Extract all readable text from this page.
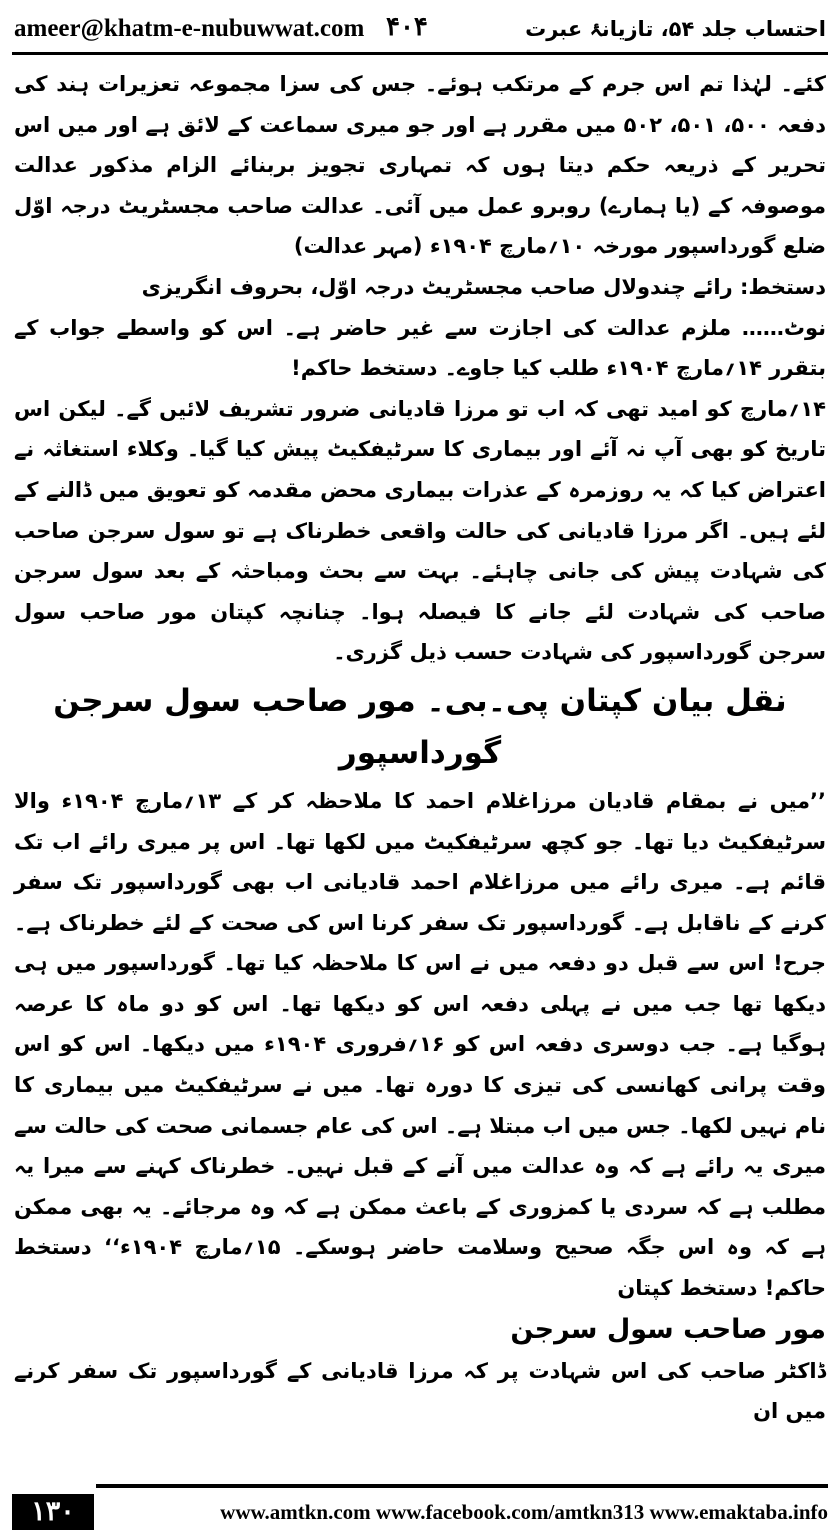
ameer@khatm-e-nubuwwat.com ۴۰۴	احتساب جلد ۵۴، تازیانۂ عبرت

کئے۔ لہٰذا تم اس جرم کے مرتکب ہوئے۔ جس کی سزا مجموعہ تعزیرات ہند کی دفعہ ۵۰۰، ۵۰۱، ۵۰۲ میں مقرر ہے اور جو میری سماعت کے لائق ہے اور میں اس تحریر کے ذریعہ حکم دیتا ہوں کہ تمہاری تجویز بربنائے الزام مذکور عدالت موصوفہ کے (یا ہمارے) روبرو عمل میں آئی۔ عدالت صاحب مجسٹریٹ درجہ اوّل ضلع گورداسپور مورخہ ۱۰؍مارچ ۱۹۰۴ء (مہر عدالت)

دستخط: رائے چندولال صاحب مجسٹریٹ درجہ اوّل، بحروف انگریزی

نوٹ…… ملزم عدالت کی اجازت سے غیر حاضر ہے۔ اس کو واسطے جواب کے بتقرر ۱۴؍مارچ ۱۹۰۴ء طلب کیا جاوے۔ دستخط حاکم!

۱۴؍مارچ کو امید تھی کہ اب تو مرزا قادیانی ضرور تشریف لائیں گے۔ لیکن اس تاریخ کو بھی آپ نہ آئے اور بیماری کا سرٹیفکیٹ پیش کیا گیا۔ وکلاء استغاثہ نے اعتراض کیا کہ یہ روزمرہ کے عذرات بیماری محض مقدمہ کو تعویق میں ڈالنے کے لئے ہیں۔ اگر مرزا قادیانی کی حالت واقعی خطرناک ہے تو سول سرجن صاحب کی شہادت پیش کی جانی چاہئے۔ بہت سے بحث ومباحثہ کے بعد سول سرجن صاحب کی شہادت لئے جانے کا فیصلہ ہوا۔ چنانچہ کپتان مور صاحب سول سرجن گورداسپور کی شہادت حسب ذیل گزری۔

نقل بیان کپتان پی۔بی۔ مور صاحب سول سرجن گورداسپور

’’میں نے بمقام قادیان مرزاغلام احمد کا ملاحظہ کر کے ۱۳؍مارچ ۱۹۰۴ء والا سرٹیفکیٹ دیا تھا۔ جو کچھ سرٹیفکیٹ میں لکھا تھا۔ اس پر میری رائے اب تک قائم ہے۔ میری رائے میں مرزاغلام احمد قادیانی اب بھی گورداسپور تک سفر کرنے کے ناقابل ہے۔ گورداسپور تک سفر کرنا اس کی صحت کے لئے خطرناک ہے۔ جرح! اس سے قبل دو دفعہ میں نے اس کا ملاحظہ کیا تھا۔ گورداسپور میں ہی دیکھا تھا جب میں نے پہلی دفعہ اس کو دیکھا تھا۔ اس کو دو ماہ کا عرصہ ہوگیا ہے۔ جب دوسری دفعہ اس کو ۱۶؍فروری ۱۹۰۴ء میں دیکھا۔ اس کو اس وقت پرانی کھانسی کی تیزی کا دورہ تھا۔ میں نے سرٹیفکیٹ میں بیماری کا نام نہیں لکھا۔ جس میں اب مبتلا ہے۔ اس کی عام جسمانی صحت کی حالت سے میری یہ رائے ہے کہ وہ عدالت میں آنے کے قبل نہیں۔ خطرناک کہنے سے میرا یہ مطلب ہے کہ سردی یا کمزوری کے باعث ممکن ہے کہ وہ مرجائے۔ یہ بھی ممکن ہے کہ وہ اس جگہ صحیح وسلامت حاضر ہوسکے۔ ۱۵؍مارچ ۱۹۰۴ء‘‘ دستخط حاکم! دستخط کپتان

مور صاحب سول سرجن

ڈاکٹر صاحب کی اس شہادت پر کہ مرزا قادیانی کے گورداسپور تک سفر کرنے میں ان

۱۳۰	www.amtkn.com www.facebook.com/amtkn313 www.emaktaba.info
